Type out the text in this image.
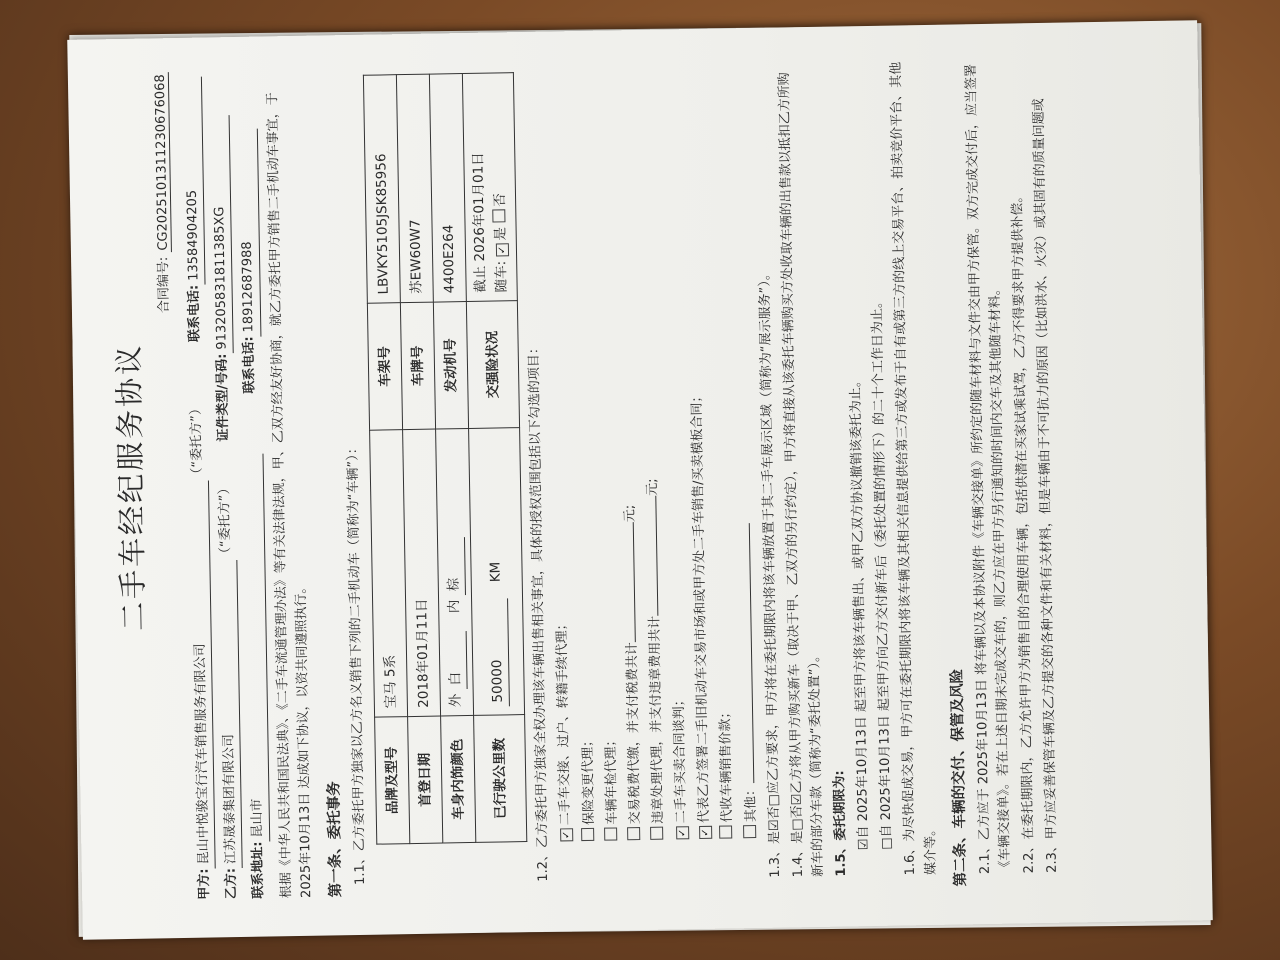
二手车经纪服务协议
合同编号: CG2025101311230676068
甲方:
昆山中悦骏宝行汽车销售服务有限公司
（“委托方”）
联系电话:
13584904205
乙方:
江苏晟泰集团有限公司
（“委托方”）
证件类型/号码:
913205831811385XG
联系地址:
昆山市
联系电话:
18912687988 根据《中华人民共和国民法典》、《二手车流通管理办法》等有关法律法规，甲、乙双方经友好协商，就乙方委托甲方销售二手机动车事宜，于 2025年10月13日 达成如下协议，以资共同遵照执行。 第一条、委托事务 1.1、乙方委托甲方独家以乙方名义销售下列的二手机动车（简称为“车辆”）： 品牌及型号	宝马 5系	车架号	LBVKY5105JSK85956
首登日期	2018年01月11日	车牌号	苏EW60W7
车身内饰颜色	外 白 内 棕	发动机号	4400E264
已行驶公里数	50000 KM	交强险状况	截止 2026年01月01日 随车: ✓是 否
1.2、乙方委托甲方独家全权办理该车辆出售相关事宜，具体的授权范围包括以下勾选的项目：	✓二手车交接、过户、转籍手续代理； 保险变更代理； 车辆年检代理； 交易税费代缴，并支付税费共计元;
违章处理代理，并支付违章费用共计元;
✓二手车买卖合同谈判；
✓代表乙方签署二手旧机动车交易市场和或甲方处二手车销售/买卖模板合同； 代收车辆销售价款； 其他：
1.3、是☑否□应乙方要求，甲方将在委托期限内将该车辆放置于其二手车展示区域（简称为“展示服务”）。
1.4、是□否☑乙方将从甲方购买新车（取决于甲、乙双方的另行约定），甲方将直接从该委托车辆购买方处收取车辆的出售款以抵扣乙方所购新车的部分车款（简称为“委托处置”）。 1.5、委托期限为: ☑自 2025年10月13日 起至甲方将该车辆售出、或甲乙双方协议撤销该委托为止。
□自 2025年10月13日 起至甲方向乙方交付新车后（委托处置的情形下）的二十个工作日为止。
1.6、为尽快促成交易，甲方可在委托期限内将该车辆及其相关信息提供给第三方或发布于自有或第三方的线上交易平台、拍卖竞价平台、其他媒介等。 第二条、车辆的交付、保管及风险
2.1、乙方应于 2025年10月13日 将车辆以及本协议附件《车辆交接单》所约定的随车材料与文件交由甲方保管。双方完成交付后，应当签署《车辆交接单》。若在上述日期未完成交车的，则乙方应在甲方另行通知的时间内交车及其他随车材料。
2.2、在委托期限内，乙方允许甲方为销售目的合理使用车辆，包括供潜在买家试乘试驾，乙方不得要求甲方提供补偿。
2.3、甲方应妥善保管车辆及乙方提交的各种文件和有关材料，但是车辆由于不可抗力的原因（比如洪水、火灾）或其固有的质量问题或
